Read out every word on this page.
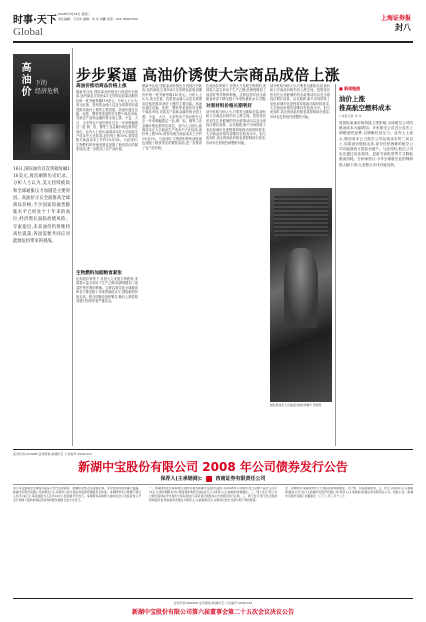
时事·天下
Global
2008年3月18日 星期二
责任编辑：下官伟 编辑：李 华 刘鹏 电话：021-38967500	上海证券报
封八
步步紧逼 高油价诱使大宗商品成倍上涨
高油价 下的
经济危机
16日,国际油价首次突破每桶110美元,再次刷新历史纪录。分析人士认为,美元持续疲软和全球通胀压力加剧是主要原因。高油价正在全面推高全球商品价格,不少国家的通货膨胀水平已经处于十年来的高位,经济增长面临放缓风险。专家指出,未来油价仍将维持高位震荡,各国需要共同应对能源危机带来的挑战。
高油价推动商品价格上涨
据新华社电 国际原油价格近日再创历史新高,纽约商品交易所4月交货的轻质原油期货价格一度突破每桶110美元。分析人士认为,美元贬值、投机资金涌入以及全球需求旺盛是推动油价上涨的主要因素。高油价通过运输、化肥、塑料等渠道传导至整个商品市场,导致农产品和金属价格全面上涨。小麦、大豆、玉米等农产品价格在过去一年里涨幅超过一倍,铜、铝、镍等工业金属价格也维持在高位。业内人士指出,能源成本在大宗商品生产成本中占比较高,油价每上涨10%,将带动相关商品成本上升约2%至3%。与此同时,生物燃料的快速发展也加剧了粮食供应的紧张局面,进一步推高了农产品价格。
生物燃料加剧粮食紧张
在高油价背景下,各国大力发展生物燃料,美国将大量玉米用于生产乙醇,欧洲则增加了油菜籽等作物的种植。这种趋势导致全球粮食库存下降至数十年来的最低水平,国际粮价持续走高。联合国粮农组织警告,粮价上涨将给发展中国家带来严重冲击。
据新华社电 国际原油价格近日再创历史新高,纽约商品交易所4月交货的轻质原油期货价格一度突破每桶110美元。分析人士认为,美元贬值、投机资金涌入以及全球需求旺盛是推动油价上涨的主要因素。高油价通过运输、化肥、塑料等渠道传导至整个商品市场,导致农产品和金属价格全面上涨。小麦、大豆、玉米等农产品价格在过去一年里涨幅超过一倍,铜、铝、镍等工业金属价格也维持在高位。业内人士指出,能源成本在大宗商品生产成本中占比较高,油价每上涨10%,将带动相关商品成本上升约2%至3%。与此同时,生物燃料的快速发展也加剧了粮食供应的紧张局面,进一步推高了农产品价格。
在高油价背景下,各国大力发展生物燃料,美国将大量玉米用于生产乙醇,欧洲则增加了油菜籽等作物的种植。这种趋势导致全球粮食库存下降至数十年来的最低水平,国际
对原材料价格长期利好
部分机构分析认为,只要美元继续走弱,油价和大宗商品价格仍有上涨空间。投资者应密切关注美联储的货币政策动向以及全球经济增长前景。从长期看,新兴市场国家工业化和城市化进程将持续推动原材料需求,大宗商品价格有望维持在较高水平。但与此同时,高企的商品价格也将抑制部分需求,市场存在阶段性调整的可能。
部分机构分析认为,只要美元继续走弱,油价和大宗商品价格仍有上涨空间。投资者应密切关注美联储的货币政策动向以及全球经济增长前景。从长期看,新兴市场国家工业化和城市化进程将持续推动原材料需求,大宗商品价格有望维持在较高水平。但与此同时,高企的商品价格也将抑制部分需求,市场存在阶段性调整的可能。
国际原油及大宗商品价格持续攀升 资料图
■ 新闻链接
油价上涨
推高航空燃料成本
○本报记者 李 华
受国际原油价格持续上涨影响,全球航空公司的燃油成本大幅增加。多家航空公司近日宣布上调燃油附加费,以缓解经营压力。业内人士表示,燃油成本已占航空公司运营成本的三成以上,如果油价继续走高,部分经营困难的航空公司可能面临亏损甚至破产。与此同时,航空公司也在通过优化航线、更新节油机型等方式降低燃油消耗。分析师预计,今年全球航空业的利润将大幅下滑,行业整合步伐可能加快。
证券代码:000008 证券简称:新湖中宝 公告编号:2008-014
新湖中宝股份有限公司 2008 年公司债券发行公告
保荐人(主承销商):	西南证券有限责任公司
本公司及董事会全体成员保证公告内容的真实、准确和完整,没有虚假记载、误导性陈述或者重大遗漏。新湖中宝股份有限公司本期发行公司债券已获中国证券监督管理委员会核准。本期债券发行规模不超过人民币14亿元,每张面值为人民币100元,按面值平价发行。本期债券采取网上面向社会公众投资者公开发行和网下面向机构投资者询价配售相结合的方式发行。
一、本期债券发行基本情况:债券名称为新湖中宝股份有限公司2008年公司债券;发行总额不超过人民币14亿元;债券期限为5年;票面利率询价区间由发行人与保荐人(主承销商)协商确定。二、网上发行:网上发行通过深圳证券交易所交易系统进行,投资者可按照本公告的规定进行认购。三、网下发行:网下发行面向机构投资者,机构投资者通过与保荐人(主承销商)签订认购协议的方式参与网下询价配售。
四、认购费用:本期债券发行不向投资者收取佣金、过户费、印花税等费用。五、发行人和保荐人(主承销商)联系方式:发行人新湖中宝股份有限公司;保荐人(主承销商)西南证券有限责任公司。特此公告。新湖中宝股份有限公司董事会 二〇〇八年三月十八日
证券代码:000008 证券简称:新湖中宝 公告编号:2008-015
新湖中宝股份有限公司第六届董事会第二十五次会议决议公告
